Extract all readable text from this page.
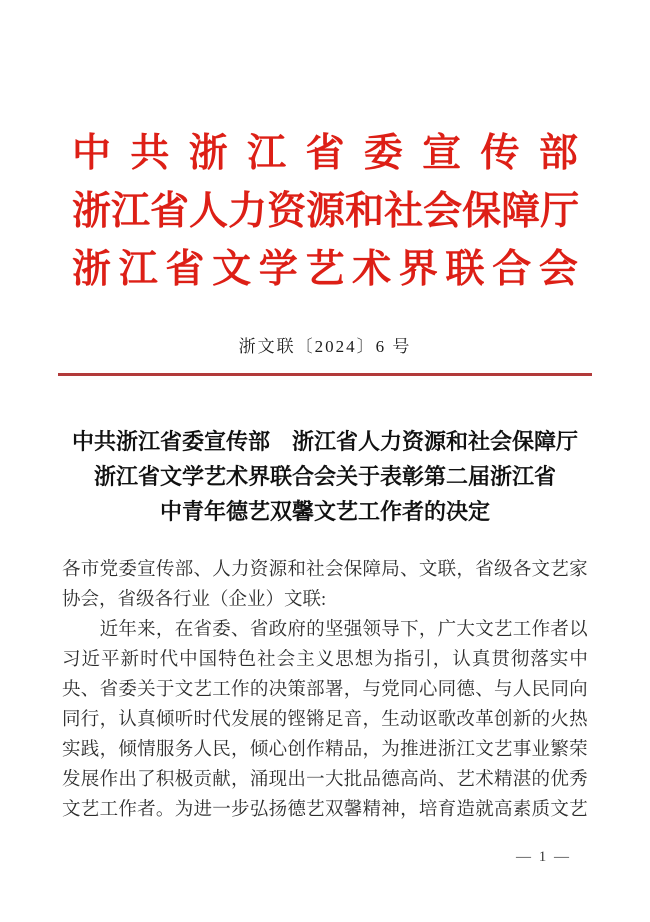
中 共 浙 江 省 委 宣 传 部
浙 江 省 人 力 资 源 和 社 会 保 障 厅
浙 江 省 文 学 艺 术 界 联 合 会
浙文联〔2024〕6 号
中共浙江省委宣传部　浙江省人力资源和社会保障厅
浙江省文学艺术界联合会关于表彰第二届浙江省
中青年德艺双馨文艺工作者的决定
各 市 党 委 宣 传 部 、 人 力 资 源 和 社 会 保 障 局 、 文 联 ， 省 级 各 文 艺 家
协会，省级各行业（企业）文联:

近 年 来 ， 在 省 委 、 省 政 府 的 坚 强 领 导 下 ， 广 大 文 艺 工 作 者 以
习 近 平 新 时 代 中 国 特 色 社 会 主 义 思 想 为 指 引 ， 认 真 贯 彻 落 实 中
央 、 省 委 关 于 文 艺 工 作 的 决 策 部 署 ， 与 党 同 心 同 德 、 与 人 民 同 向
同 行 ， 认 真 倾 听 时 代 发 展 的 铿 锵 足 音 ， 生 动 讴 歌 改 革 创 新 的 火 热
实 践 ， 倾 情 服 务 人 民 ， 倾 心 创 作 精 品 ， 为 推 进 浙 江 文 艺 事 业 繁 荣
发 展 作 出 了 积 极 贡 献 ， 涌 现 出 一 大 批 品 德 高 尚 、 艺 术 精 湛 的 优 秀
文 艺 工 作 者 。 为 进 一 步 弘 扬 德 艺 双 馨 精 神 ， 培 育 造 就 高 素 质 文 艺
— 1 —
